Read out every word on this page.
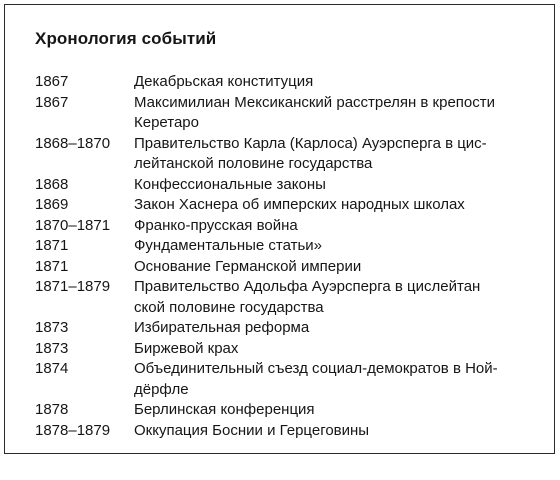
Хронология событий
1867	Декабрьская конституция
1867	Максимилиан Мексиканский расстрелян в крепости
Керетаро
1868–1870	Правительство Карла (Карлоса) Ауэрсперга в цис-
лейтанской половине государства
1868	Конфессиональные законы
1869	Закон Хаснера об имперских народных школах
1870–1871	Франко-прусская война
1871	Фундаментальные статьи»
1871	Основание Германской империи
1871–1879	Правительство Адольфа Ауэрсперга в цислейтан
ской половине государства
1873	Избирательная реформа
1873	Биржевой крах
1874	Объединительный съезд социал-демократов в Ной-
дёрфле
1878	Берлинская конференция
1878–1879	Оккупация Боснии и Герцеговины
